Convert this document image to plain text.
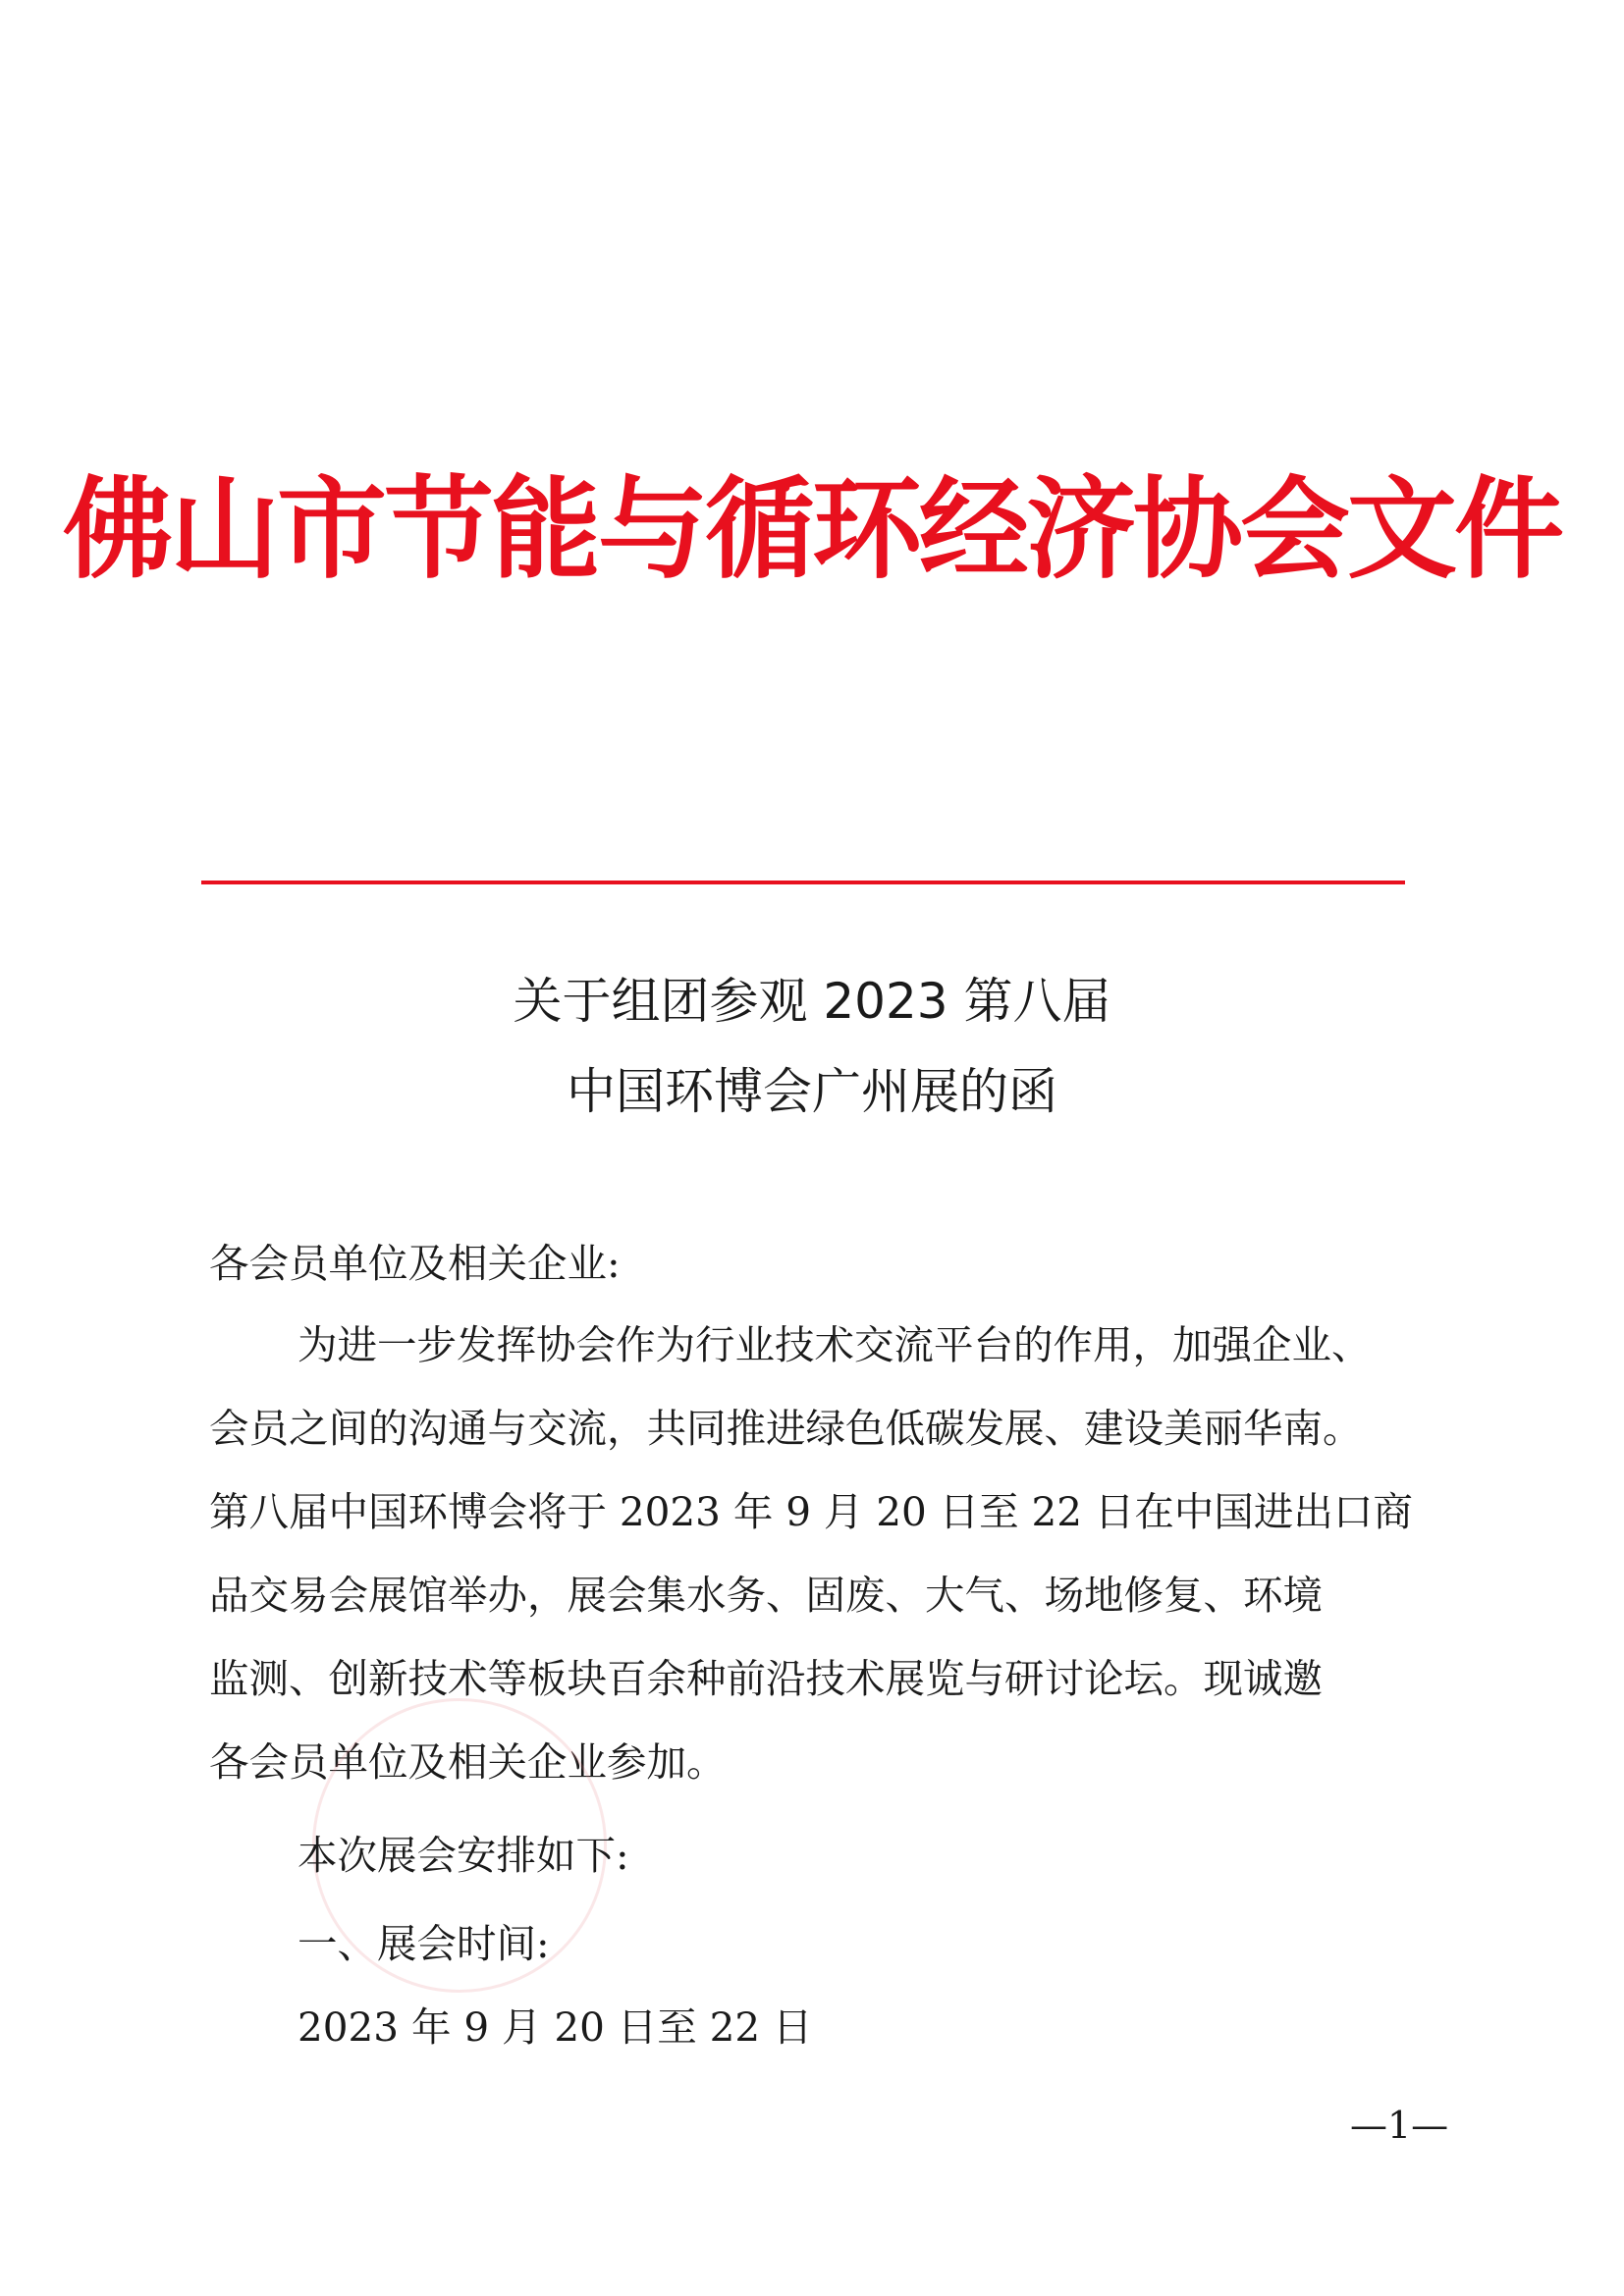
佛山市节能与循环经济协会文件
关于组团参观 2023 第八届
中国环博会广州展的函
各会员单位及相关企业:
为进一步发挥协会作为行业技术交流平台的作用，加强企业、
会员之间的沟通与交流，共同推进绿色低碳发展、建设美丽华南。
第八届中国环博会将于 2023 年 9 月 20 日至 22 日在中国进出口商
品交易会展馆举办，展会集水务、固废、大气、场地修复、环境
监测、创新技术等板块百余种前沿技术展览与研讨论坛。现诚邀
各会员单位及相关企业参加。
本次展会安排如下:
一、展会时间:
2023 年 9 月 20 日至 22 日
—1—
